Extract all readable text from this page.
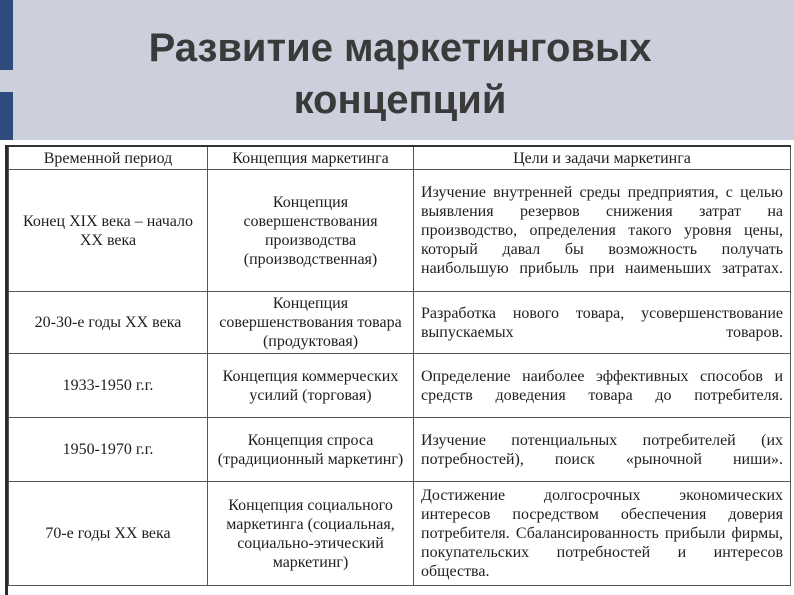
Развитие маркетинговых
концепций
Временной период	Концепция маркетинга	Цели и задачи маркетинга
Конец XIX века – начало XX века	Концепция совершенствования производства (производственная)	Изучение внутренней среды предприятия, с целью выявления резервов снижения затрат на производство, определения такого уровня цены, который давал бы возможность получать наибольшую прибыль при наименьших затратах.
20-30-е годы XX века	Концепция совершенствования товара (продуктовая)	Разработка нового товара, усовершенствование выпускаемых товаров.
1933-1950 г.г.	Концепция коммерческих усилий (торговая)	Определение наиболее эффективных способов и средств доведения товара до потребителя.
1950-1970 г.г.	Концепция спроса (традиционный маркетинг)	Изучение потенциальных потребителей (их потребностей), поиск «рыночной ниши».
70-е годы XX века	Концепция социального маркетинга (социальная, социально-этический маркетинг)	Достижение долгосрочных экономических интересов посредством обеспечения доверия потребителя. Сбалансированность прибыли фирмы, покупательских потребностей и интересов общества.
